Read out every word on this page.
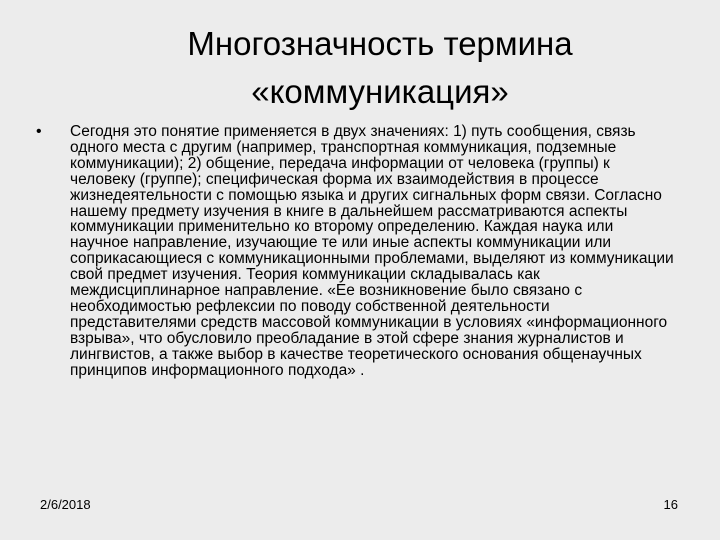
Многозначность термина
«коммуникация»
•	Сегодня это понятие применяется в двух значениях: 1) путь сообщения, связь одного места с другим (например, транспортная коммуникация, подземные коммуникации); 2) общение, передача информации от человека (группы) к человеку (группе); специфическая форма их взаимодействия в процессе жизнедеятельности с помощью языка и других сигнальных форм связи. Согласно нашему предмету изучения в книге в дальнейшем рассматриваются аспекты коммуникации применительно ко второму определению. Каждая наука или научное направление, изучающие те или иные аспекты коммуникации или соприкасающиеся с коммуникационными проблемами, выделяют из коммуникации свой предмет изучения. Теория коммуникации складывалась как междисциплинарное направление. «Ее возникновение было связано с необходимостью рефлексии по поводу собственной деятельности представителями средств массовой коммуникации в условиях «информационного взрыва», что обусловило преобладание в этой сфере знания журналистов и лингвистов, а также выбор в качестве теоретического основания общенаучных принципов информационного подхода» .

2/6/2018	16
